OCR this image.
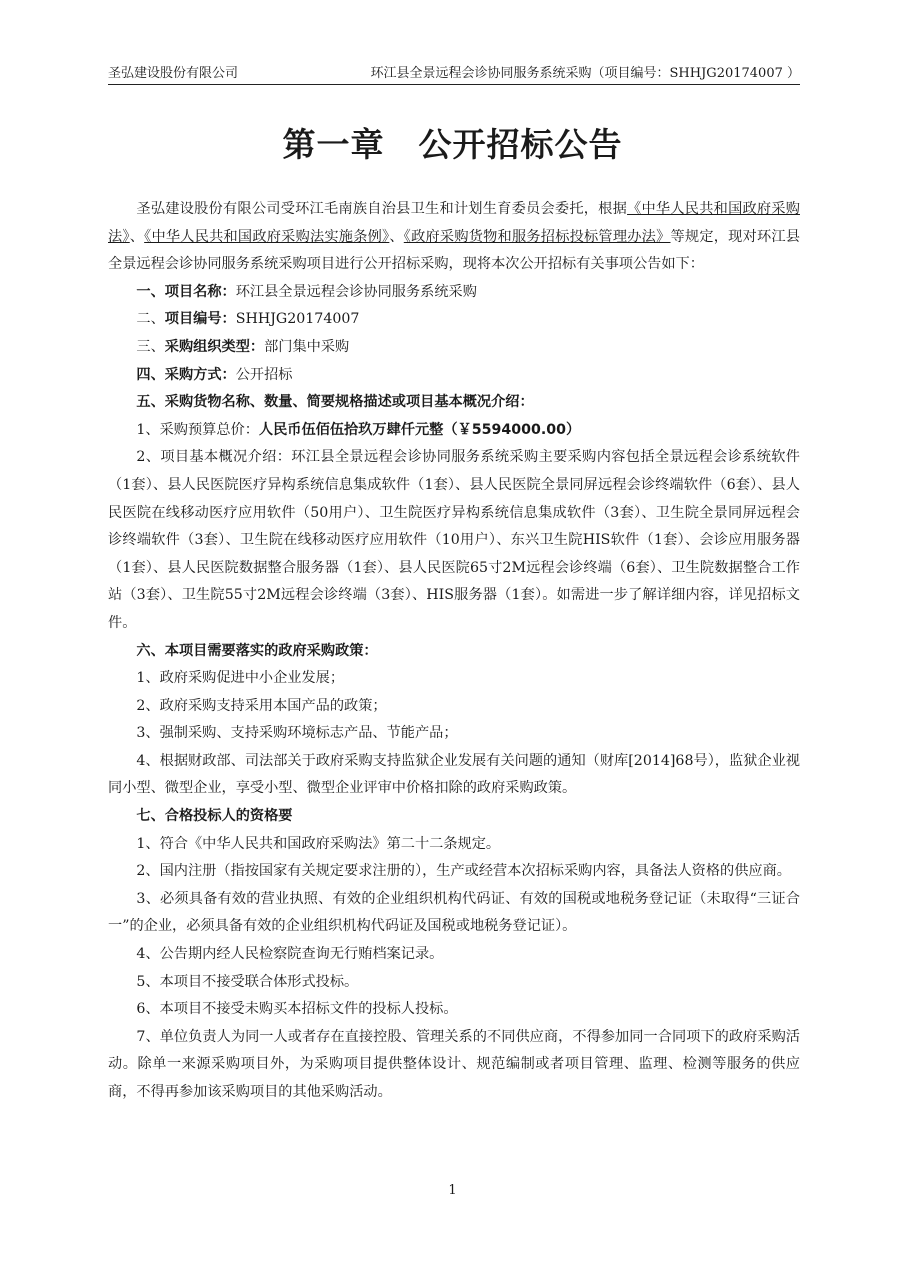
圣弘建设股份有限公司	环江县全景远程会诊协同服务系统采购（项目编号：SHHJG20174007 ）
第一章　公开招标公告

圣弘建设股份有限公司受环江毛南族自治县卫生和计划生育委员会委托，根据《中华人民共和国政府采购法》、《中华人民共和国政府采购法实施条例》、《政府采购货物和服务招标投标管理办法》等规定，现对环江县全景远程会诊协同服务系统采购项目进行公开招标采购，现将本次公开招标有关事项公告如下：

一、项目名称：环江县全景远程会诊协同服务系统采购

二、项目编号：SHHJG20174007

三、采购组织类型：部门集中采购

四、采购方式：公开招标

五、采购货物名称、数量、简要规格描述或项目基本概况介绍：

1、采购预算总价：人民币伍佰伍拾玖万肆仟元整（￥5594000.00）

2、项目基本概况介绍：环江县全景远程会诊协同服务系统采购主要采购内容包括全景远程会诊系统软件（1套）、县人民医院医疗异构系统信息集成软件（1套）、县人民医院全景同屏远程会诊终端软件（6套）、县人民医院在线移动医疗应用软件（50用户）、卫生院医疗异构系统信息集成软件（3套）、卫生院全景同屏远程会诊终端软件（3套）、卫生院在线移动医疗应用软件（10用户）、东兴卫生院HIS软件（1套）、会诊应用服务器（1套）、县人民医院数据整合服务器（1套）、县人民医院65寸2M远程会诊终端（6套）、卫生院数据整合工作站（3套）、卫生院55寸2M远程会诊终端（3套）、HIS服务器（1套）。如需进一步了解详细内容，详见招标文件。

六、本项目需要落实的政府采购政策：

1、政府采购促进中小企业发展；

2、政府采购支持采用本国产品的政策；

3、强制采购、支持采购环境标志产品、节能产品；

4、根据财政部、司法部关于政府采购支持监狱企业发展有关问题的通知（财库[2014]68号），监狱企业视同小型、微型企业，享受小型、微型企业评审中价格扣除的政府采购政策。

七、合格投标人的资格要

1、符合《中华人民共和国政府采购法》第二十二条规定。

2、国内注册（指按国家有关规定要求注册的），生产或经营本次招标采购内容，具备法人资格的供应商。

3、必须具备有效的营业执照、有效的企业组织机构代码证、有效的国税或地税务登记证（未取得“三证合一”的企业，必须具备有效的企业组织机构代码证及国税或地税务登记证）。

4、公告期内经人民检察院查询无行贿档案记录。

5、本项目不接受联合体形式投标。

6、本项目不接受未购买本招标文件的投标人投标。

7、单位负责人为同一人或者存在直接控股、管理关系的不同供应商，不得参加同一合同项下的政府采购活动。除单一来源采购项目外，为采购项目提供整体设计、规范编制或者项目管理、监理、检测等服务的供应商，不得再参加该采购项目的其他采购活动。

1
